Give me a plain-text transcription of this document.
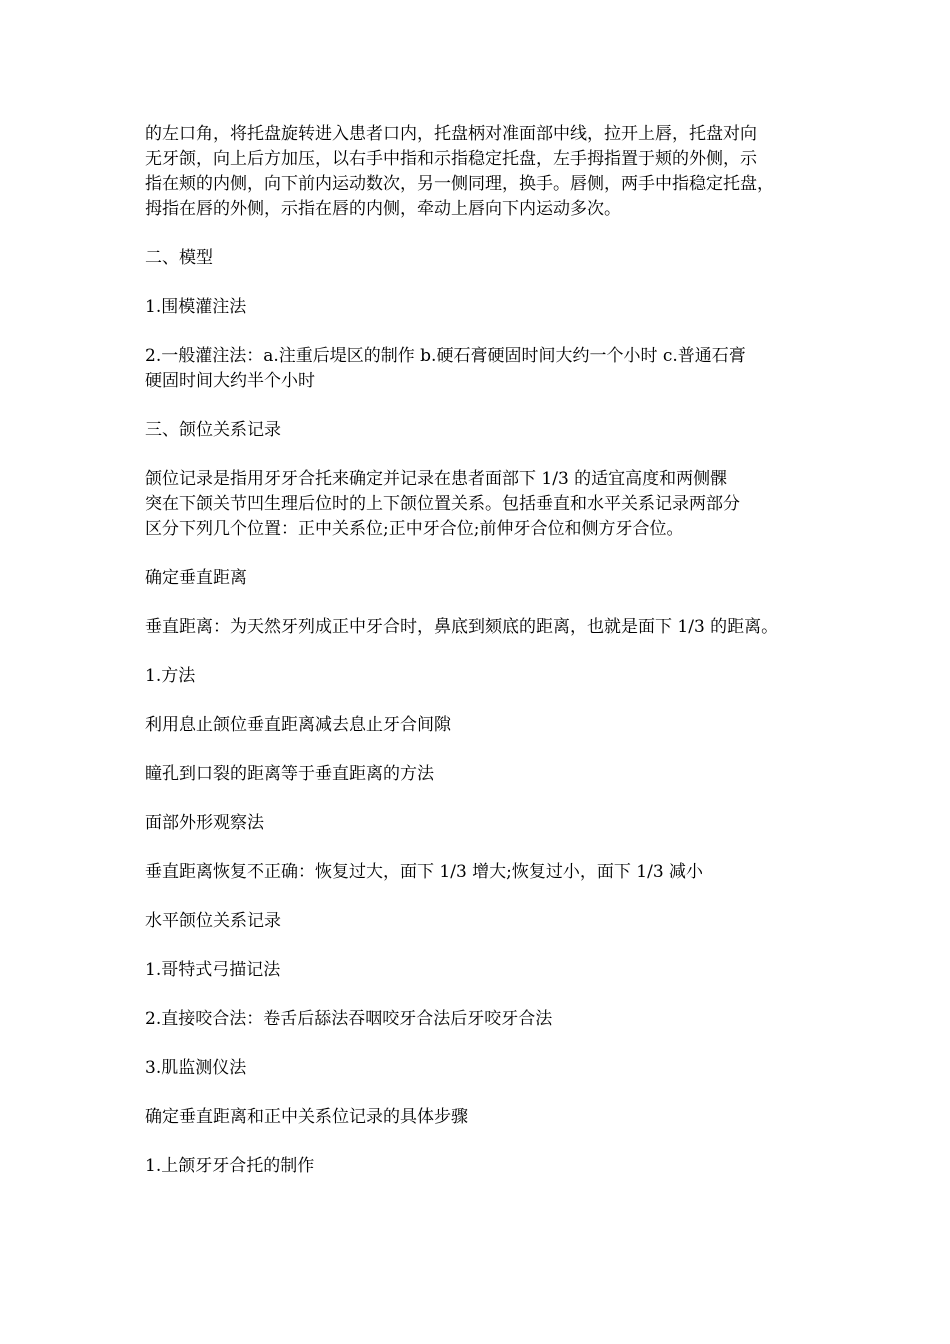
的左口角，将托盘旋转进入患者口内，托盘柄对准面部中线，拉开上唇，托盘对向
无牙颌，向上后方加压，以右手中指和示指稳定托盘，左手拇指置于颊的外侧，示
指在颊的内侧，向下前内运动数次，另一侧同理，换手。唇侧，两手中指稳定托盘，
拇指在唇的外侧，示指在唇的内侧，牵动上唇向下内运动多次。

二、模型

1.围模灌注法

2.一般灌注法：a.注重后堤区的制作 b.硬石膏硬固时间大约一个小时 c.普通石膏
硬固时间大约半个小时

三、颌位关系记录

颌位记录是指用牙牙合托来确定并记录在患者面部下 1/3 的适宜高度和两侧髁
突在下颌关节凹生理后位时的上下颌位置关系。包括垂直和水平关系记录两部分
区分下列几个位置：正中关系位;正中牙合位;前伸牙合位和侧方牙合位。

确定垂直距离

垂直距离：为天然牙列成正中牙合时，鼻底到颏底的距离，也就是面下 1/3 的距离。

1.方法

利用息止颌位垂直距离减去息止牙合间隙

瞳孔到口裂的距离等于垂直距离的方法

面部外形观察法

垂直距离恢复不正确：恢复过大，面下 1/3 增大;恢复过小，面下 1/3 减小

水平颌位关系记录

1.哥特式弓描记法

2.直接咬合法：卷舌后舔法吞咽咬牙合法后牙咬牙合法

3.肌监测仪法

确定垂直距离和正中关系位记录的具体步骤

1.上颌牙牙合托的制作
